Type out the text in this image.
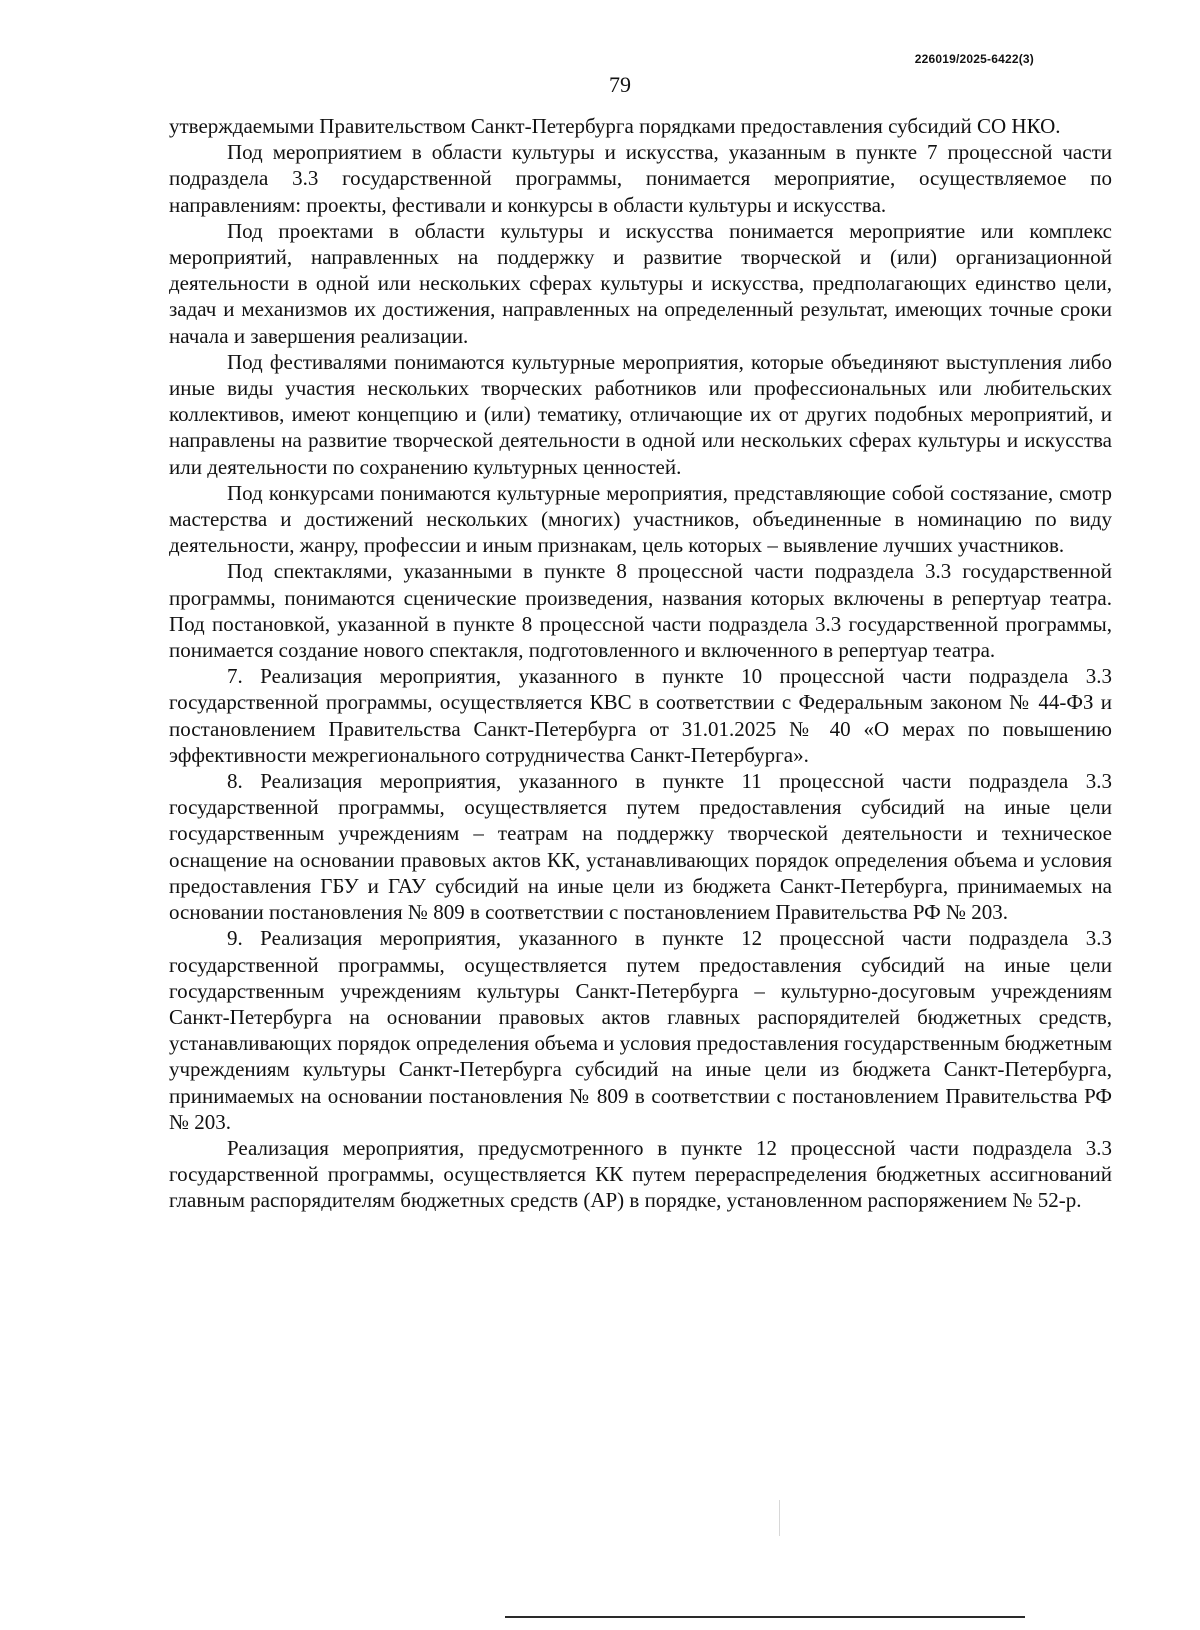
226019/2025-6422(3)
79

утверждаемыми Правительством Санкт-Петербурга порядками предоставления субсидий СО НКО.

Под мероприятием в области культуры и искусства, указанным в пункте 7 процессной части подраздела 3.3 государственной программы, понимается мероприятие, осуществляемое по направлениям: проекты, фестивали и конкурсы в области культуры и искусства.

Под проектами в области культуры и искусства понимается мероприятие или комплекс мероприятий, направленных на поддержку и развитие творческой и (или) организационной деятельности в одной или нескольких сферах культуры и искусства, предполагающих единство цели, задач и механизмов их достижения, направленных на определенный результат, имеющих точные сроки начала и завершения реализации.

Под фестивалями понимаются культурные мероприятия, которые объединяют выступления либо иные виды участия нескольких творческих работников или профессиональных или любительских коллективов, имеют концепцию и (или) тематику, отличающие их от других подобных мероприятий, и направлены на развитие творческой деятельности в одной или нескольких сферах культуры и искусства или деятельности по сохранению культурных ценностей.

Под конкурсами понимаются культурные мероприятия, представляющие собой состязание, смотр мастерства и достижений нескольких (многих) участников, объединенные в номинацию по виду деятельности, жанру, профессии и иным признакам, цель которых – выявление лучших участников.

Под спектаклями, указанными в пункте 8 процессной части подраздела 3.3 государственной программы, понимаются сценические произведения, названия которых включены в репертуар театра. Под постановкой, указанной в пункте 8 процессной части подраздела 3.3 государственной программы, понимается создание нового спектакля, подготовленного и включенного в репертуар театра.

7. Реализация мероприятия, указанного в пункте 10 процессной части подраздела 3.3 государственной программы, осуществляется КВС в соответствии с Федеральным законом № 44-ФЗ и постановлением Правительства Санкт-Петербурга от 31.01.2025 № 40 «О мерах по повышению эффективности межрегионального сотрудничества Санкт-Петербурга».

8. Реализация мероприятия, указанного в пункте 11 процессной части подраздела 3.3 государственной программы, осуществляется путем предоставления субсидий на иные цели государственным учреждениям – театрам на поддержку творческой деятельности и техническое оснащение на основании правовых актов КК, устанавливающих порядок определения объема и условия предоставления ГБУ и ГАУ субсидий на иные цели из бюджета Санкт-Петербурга, принимаемых на основании постановления № 809 в соответствии с постановлением Правительства РФ № 203.

9. Реализация мероприятия, указанного в пункте 12 процессной части подраздела 3.3 государственной программы, осуществляется путем предоставления субсидий на иные цели государственным учреждениям культуры Санкт-Петербурга – культурно-досуговым учреждениям Санкт-Петербурга на основании правовых актов главных распорядителей бюджетных средств, устанавливающих порядок определения объема и условия предоставления государственным бюджетным учреждениям культуры Санкт-Петербурга субсидий на иные цели из бюджета Санкт-Петербурга, принимаемых на основании постановления № 809 в соответствии с постановлением Правительства РФ № 203.

Реализация мероприятия, предусмотренного в пункте 12 процессной части подраздела 3.3 государственной программы, осуществляется КК путем перераспределения бюджетных ассигнований главным распорядителям бюджетных средств (АР) в порядке, установленном распоряжением № 52-р.
